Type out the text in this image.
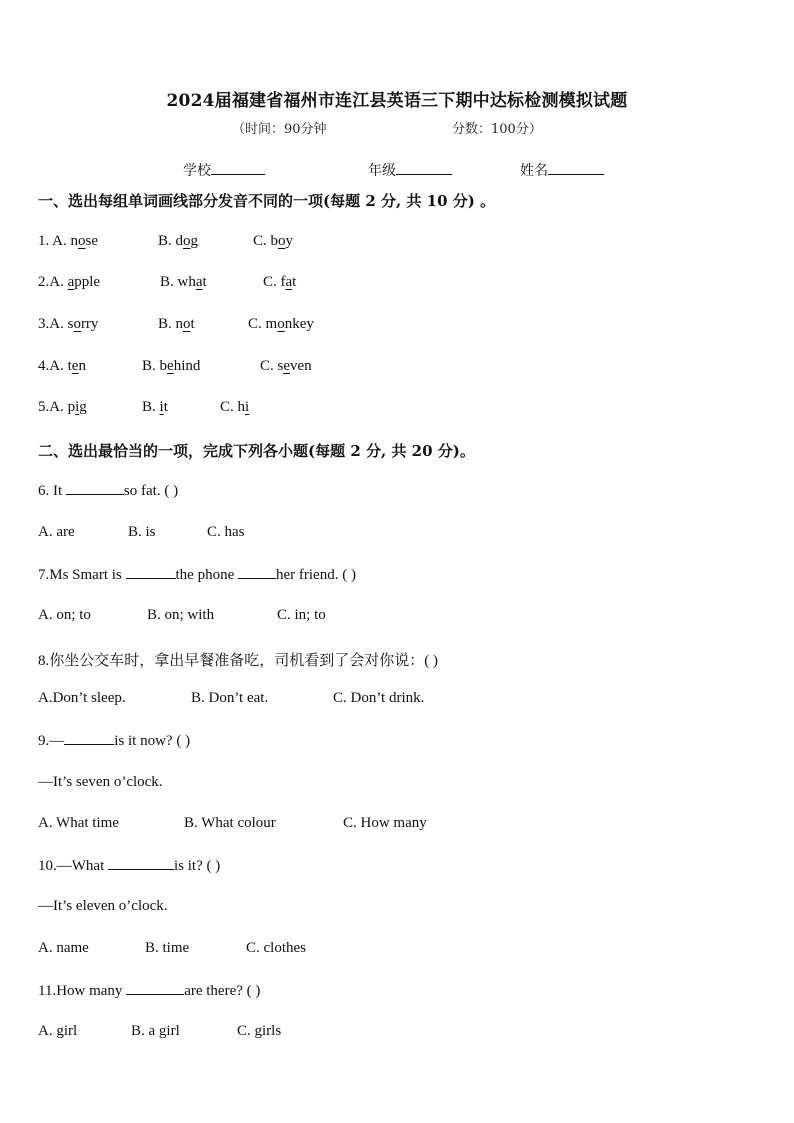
2024届福建省福州市连江县英语三下期中达标检测模拟试题
（时间：90分钟	分数：100分）
学校	年级	姓名
一、选出每组单词画线部分发音不同的一项(每题 2 分, 共 10 分) 。
1. A. nose	B. dog	C. boy
2.A. apple	B. what	C. fat
3.A. sorry	B. not	C. monkey
4.A. ten	B. behind	C. seven
5.A. pig	B. it	C. hi
二、选出最恰当的一项，完成下列各小题(每题 2 分, 共 20 分)。
6. It	so fat. ( )
A. are	B. is	C. has
7.Ms Smart is	the phone	her friend. ( )
A. on; to	B. on; with	C. in; to
8.你坐公交车时，拿出早餐准备吃，司机看到了会对你说：( )
A.Don’t sleep.	B. Don’t eat.	C. Don’t drink.
9.—	is it now? ( )
—It’s seven o’clock.
A. What time	B. What colour	C. How many
10.—What	is it? ( )
—It’s eleven o’clock.
A. name	B. time	C. clothes
11.How many	are there? ( )
A. girl	B. a girl	C. girls
